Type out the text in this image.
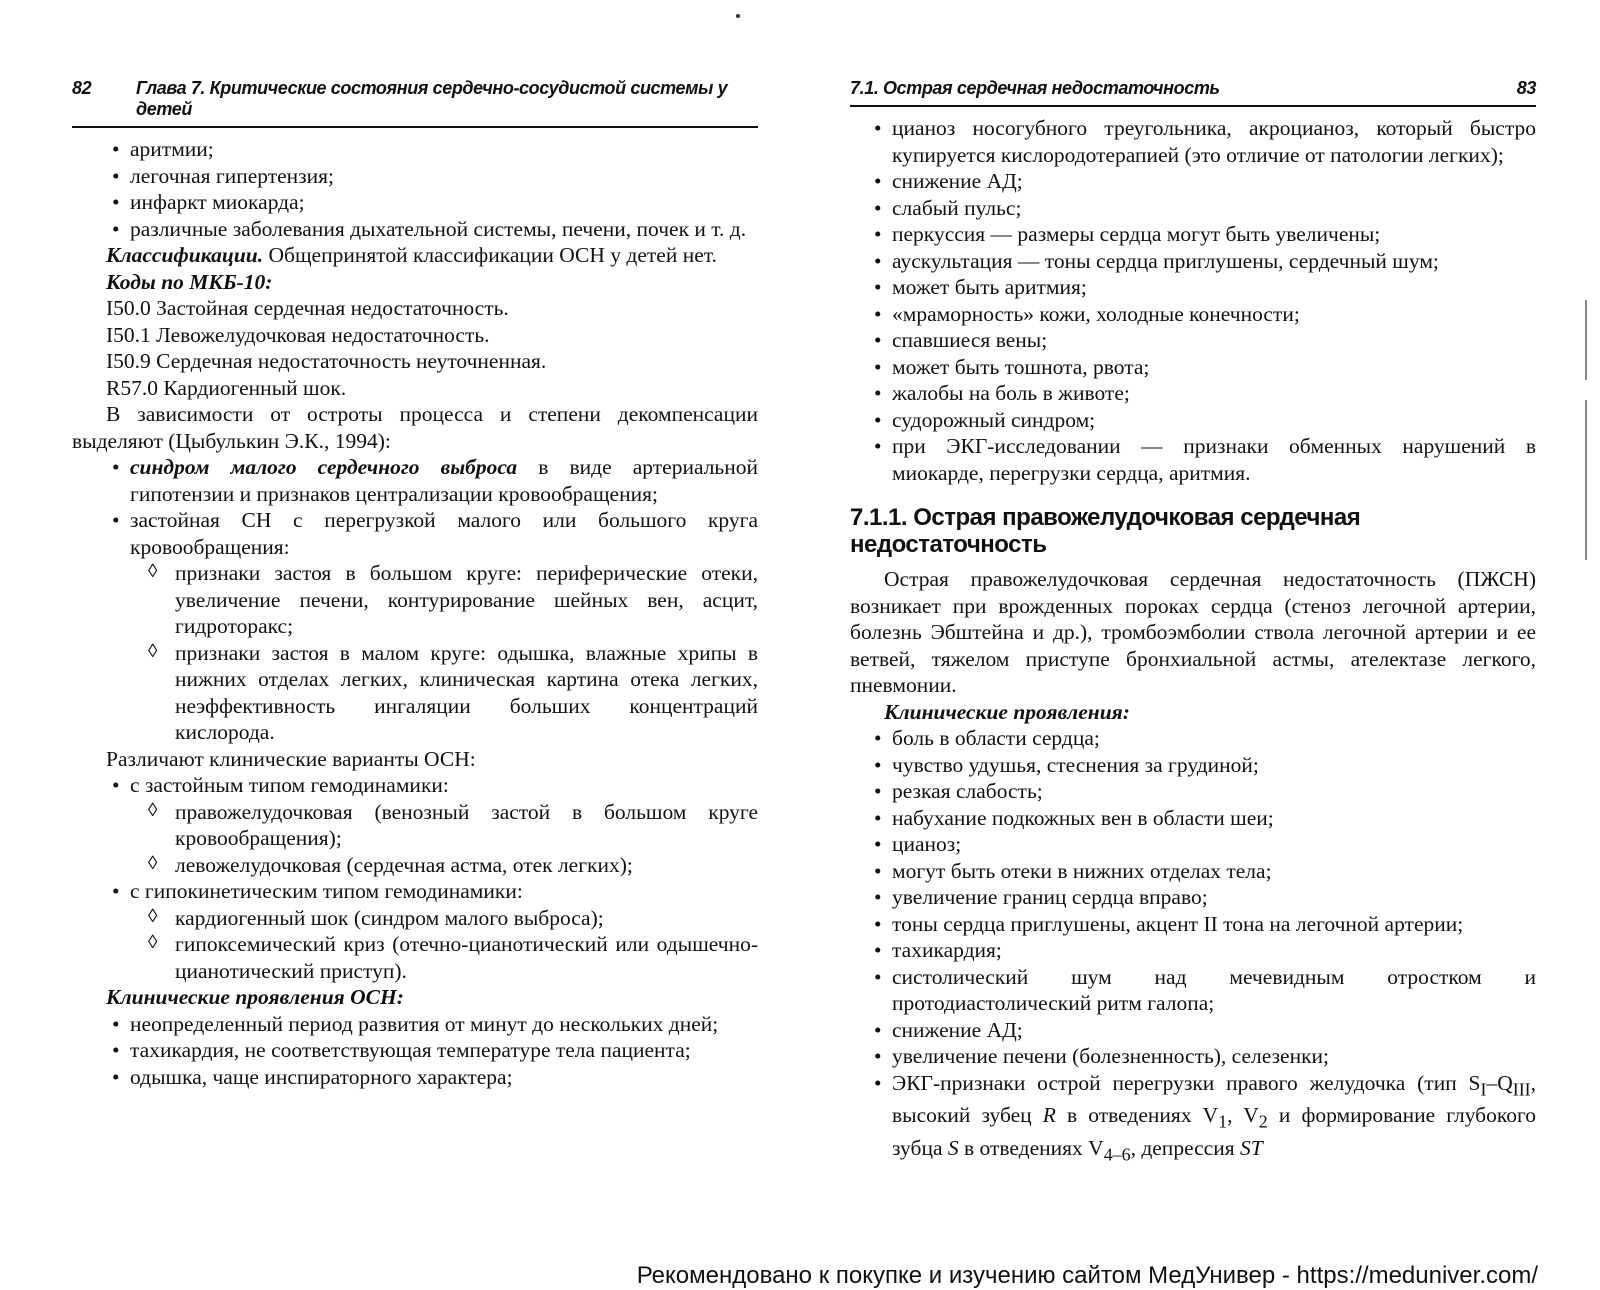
82	Глава 7. Критические состояния сердечно-сосудистой системы у детей
• аритмии;
• легочная гипертензия;
• инфаркт миокарда;
• различные заболевания дыхательной системы, печени, почек и т. д.

Классификации. Общепринятой классификации ОСН у детей нет.

Коды по МКБ-10:
I50.0 Застойная сердечная недостаточность.
I50.1 Левожелудочковая недостаточность.
I50.9 Сердечная недостаточность неуточненная.
R57.0 Кардиогенный шок.

В зависимости от остроты процесса и степени декомпенсации выделяют (Цыбулькин Э.К., 1994):

• синдром малого сердечного выброса в виде артериальной гипотензии и признаков централизации кровообращения;
• застойная СН с перегрузкой малого или большого круга кровообращения:
◊ признаки застоя в большом круге: периферические отеки, увеличение печени, контурирование шейных вен, асцит, гидроторакс;
◊ признаки застоя в малом круге: одышка, влажные хрипы в нижних отделах легких, клиническая картина отека легких, неэффективность ингаляции больших концентраций кислорода.

Различают клинические варианты ОСН:

• с застойным типом гемодинамики:
◊ правожелудочковая (венозный застой в большом круге кровообращения);
◊ левожелудочковая (сердечная астма, отек легких);
• с гипокинетическим типом гемодинамики:
◊ кардиогенный шок (синдром малого выброса);
◊ гипоксемический криз (отечно-цианотический или одышечно-цианотический приступ).
Клинические проявления ОСН:
• неопределенный период развития от минут до нескольких дней;
• тахикардия, не соответствующая температуре тела пациента;
• одышка, чаще инспираторного характера;
7.1. Острая сердечная недостаточность	83
• цианоз носогубного треугольника, акроцианоз, который быстро купируется кислородотерапией (это отличие от патологии легких);
• снижение АД;
• слабый пульс;
• перкуссия — размеры сердца могут быть увеличены;
• аускультация — тоны сердца приглушены, сердечный шум;
• может быть аритмия;
• «мраморность» кожи, холодные конечности;
• спавшиеся вены;
• может быть тошнота, рвота;
• жалобы на боль в животе;
• судорожный синдром;
• при ЭКГ-исследовании — признаки обменных нарушений в миокарде, перегрузки сердца, аритмия.
7.1.1. Острая правожелудочковая сердечная недостаточность

Острая правожелудочковая сердечная недостаточность (ПЖСН) возникает при врожденных пороках сердца (стеноз легочной артерии, болезнь Эбштейна и др.), тромбоэмболии ствола легочной артерии и ее ветвей, тяжелом приступе бронхиальной астмы, ателектазе легкого, пневмонии.

Клинические проявления:
• боль в области сердца;
• чувство удушья, стеснения за грудиной;
• резкая слабость;
• набухание подкожных вен в области шеи;
• цианоз;
• могут быть отеки в нижних отделах тела;
• увеличение границ сердца вправо;
• тоны сердца приглушены, акцент II тона на легочной артерии;
• тахикардия;
• систолический шум над мечевидным отростком и протодиастолический ритм галопа;
• снижение АД;
• увеличение печени (болезненность), селезенки;
• ЭКГ-признаки острой перегрузки правого желудочка (тип $S_I-Q_{III}$, высокий зубец R в отведениях $V_1$, $V_2$ и формирование глубокого зубца S в отведениях $V_{4-6}$, депрессия ST
Рекомендовано к покупке и изучению сайтом МедУнивер - https://meduniver.com/
